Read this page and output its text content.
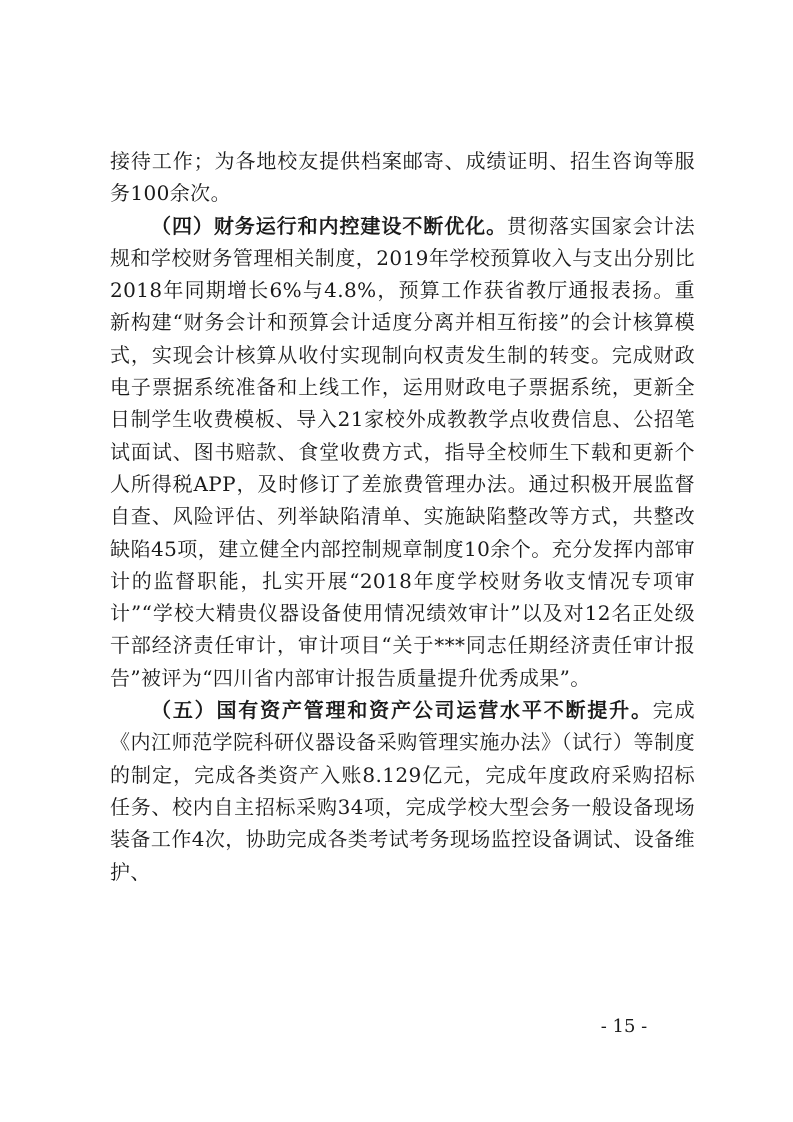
接待工作；为各地校友提供档案邮寄、成绩证明、招生咨询等服务100余次。

（四）财务运行和内控建设不断优化。贯彻落实国家会计法规和学校财务管理相关制度，2019年学校预算收入与支出分别比2018年同期增长6%与4.8%，预算工作获省教厅通报表扬。重新构建“财务会计和预算会计适度分离并相互衔接”的会计核算模式，实现会计核算从收付实现制向权责发生制的转变。完成财政电子票据系统准备和上线工作，运用财政电子票据系统，更新全日制学生收费模板、导入21家校外成教教学点收费信息、公招笔试面试、图书赔款、食堂收费方式，指导全校师生下载和更新个人所得税APP，及时修订了差旅费管理办法。通过积极开展监督自查、风险评估、列举缺陷清单、实施缺陷整改等方式，共整改缺陷45项，建立健全内部控制规章制度10余个。充分发挥内部审计的监督职能，扎实开展“2018年度学校财务收支情况专项审计”“学校大精贵仪器设备使用情况绩效审计”以及对12名正处级干部经济责任审计，审计项目“关于***同志任期经济责任审计报告”被评为“四川省内部审计报告质量提升优秀成果”。

（五）国有资产管理和资产公司运营水平不断提升。完成《内江师范学院科研仪器设备采购管理实施办法》（试行）等制度的制定，完成各类资产入账8.129亿元，完成年度政府采购招标任务、校内自主招标采购34项，完成学校大型会务一般设备现场装备工作4次，协助完成各类考试考务现场监控设备调试、设备维护、

- 15 -
